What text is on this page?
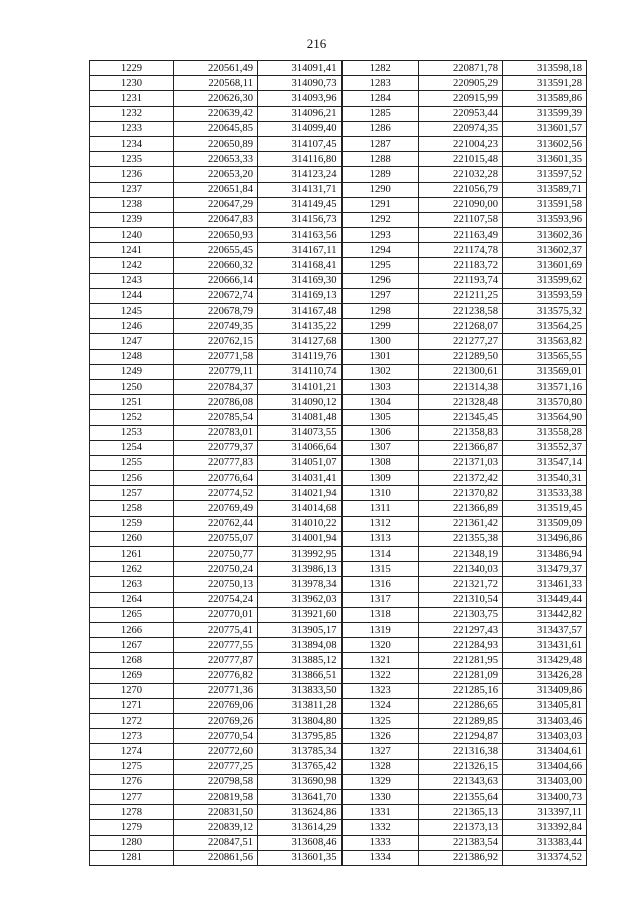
216
1229	220561,49	314091,41	1282	220871,78	313598,18
1230	220568,11	314090,73	1283	220905,29	313591,28
1231	220626,30	314093,96	1284	220915,99	313589,86
1232	220639,42	314096,21	1285	220953,44	313599,39
1233	220645,85	314099,40	1286	220974,35	313601,57
1234	220650,89	314107,45	1287	221004,23	313602,56
1235	220653,33	314116,80	1288	221015,48	313601,35
1236	220653,20	314123,24	1289	221032,28	313597,52
1237	220651,84	314131,71	1290	221056,79	313589,71
1238	220647,29	314149,45	1291	221090,00	313591,58
1239	220647,83	314156,73	1292	221107,58	313593,96
1240	220650,93	314163,56	1293	221163,49	313602,36
1241	220655,45	314167,11	1294	221174,78	313602,37
1242	220660,32	314168,41	1295	221183,72	313601,69
1243	220666,14	314169,30	1296	221193,74	313599,62
1244	220672,74	314169,13	1297	221211,25	313593,59
1245	220678,79	314167,48	1298	221238,58	313575,32
1246	220749,35	314135,22	1299	221268,07	313564,25
1247	220762,15	314127,68	1300	221277,27	313563,82
1248	220771,58	314119,76	1301	221289,50	313565,55
1249	220779,11	314110,74	1302	221300,61	313569,01
1250	220784,37	314101,21	1303	221314,38	313571,16
1251	220786,08	314090,12	1304	221328,48	313570,80
1252	220785,54	314081,48	1305	221345,45	313564,90
1253	220783,01	314073,55	1306	221358,83	313558,28
1254	220779,37	314066,64	1307	221366,87	313552,37
1255	220777,83	314051,07	1308	221371,03	313547,14
1256	220776,64	314031,41	1309	221372,42	313540,31
1257	220774,52	314021,94	1310	221370,82	313533,38
1258	220769,49	314014,68	1311	221366,89	313519,45
1259	220762,44	314010,22	1312	221361,42	313509,09
1260	220755,07	314001,94	1313	221355,38	313496,86
1261	220750,77	313992,95	1314	221348,19	313486,94
1262	220750,24	313986,13	1315	221340,03	313479,37
1263	220750,13	313978,34	1316	221321,72	313461,33
1264	220754,24	313962,03	1317	221310,54	313449,44
1265	220770,01	313921,60	1318	221303,75	313442,82
1266	220775,41	313905,17	1319	221297,43	313437,57
1267	220777,55	313894,08	1320	221284,93	313431,61
1268	220777,87	313885,12	1321	221281,95	313429,48
1269	220776,82	313866,51	1322	221281,09	313426,28
1270	220771,36	313833,50	1323	221285,16	313409,86
1271	220769,06	313811,28	1324	221286,65	313405,81
1272	220769,26	313804,80	1325	221289,85	313403,46
1273	220770,54	313795,85	1326	221294,87	313403,03
1274	220772,60	313785,34	1327	221316,38	313404,61
1275	220777,25	313765,42	1328	221326,15	313404,66
1276	220798,58	313690,98	1329	221343,63	313403,00
1277	220819,58	313641,70	1330	221355,64	313400,73
1278	220831,50	313624,86	1331	221365,13	313397,11
1279	220839,12	313614,29	1332	221373,13	313392,84
1280	220847,51	313608,46	1333	221383,54	313383,44
1281	220861,56	313601,35	1334	221386,92	313374,52
